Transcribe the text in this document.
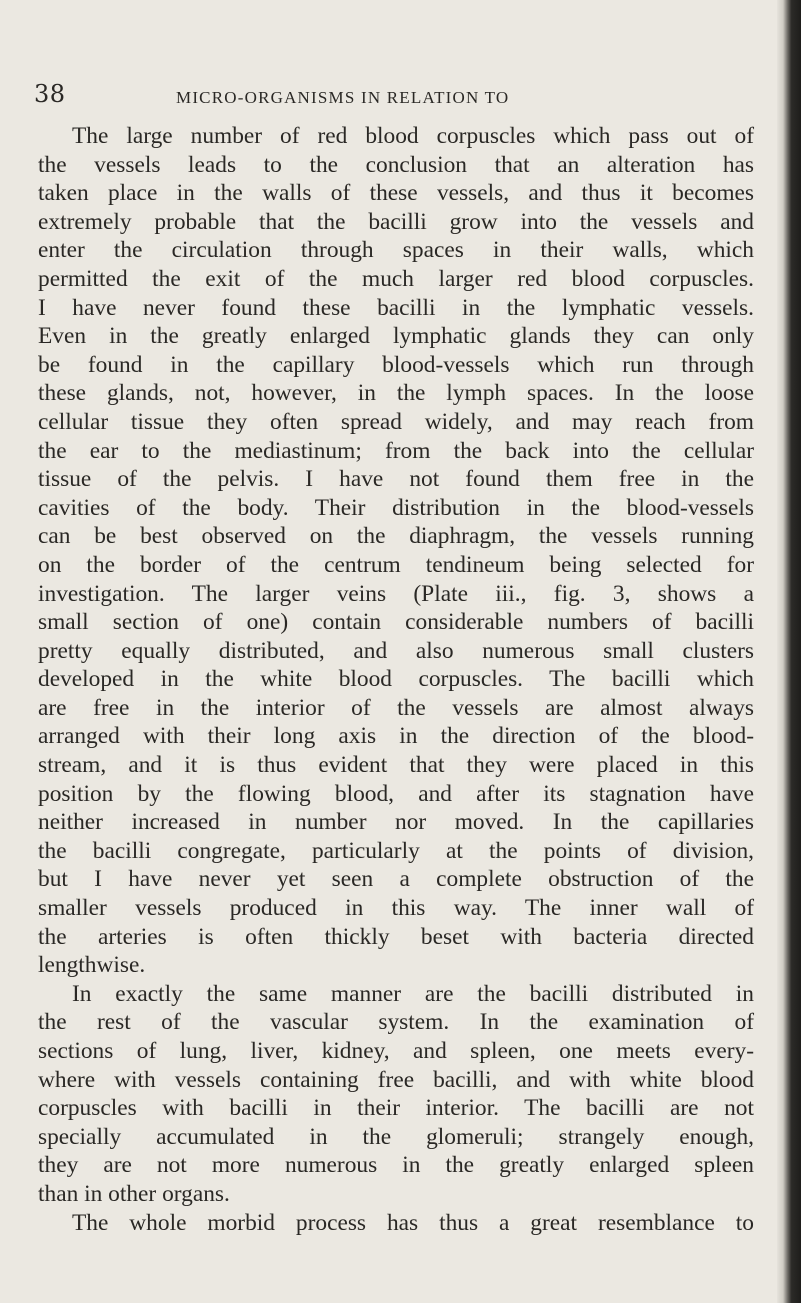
38	MICRO-ORGANISMS IN RELATION TO
The large number of red blood corpuscles which pass out of
the vessels leads to the conclusion that an alteration has
taken place in the walls of these vessels, and thus it becomes
extremely probable that the bacilli grow into the vessels and
enter the circulation through spaces in their walls, which
permitted the exit of the much larger red blood corpuscles.
I have never found these bacilli in the lymphatic vessels.
Even in the greatly enlarged lymphatic glands they can only
be found in the capillary blood-vessels which run through
these glands, not, however, in the lymph spaces. In the loose
cellular tissue they often spread widely, and may reach from
the ear to the mediastinum; from the back into the cellular
tissue of the pelvis. I have not found them free in the
cavities of the body. Their distribution in the blood-vessels
can be best observed on the diaphragm, the vessels running
on the border of the centrum tendineum being selected for
investigation. The larger veins (Plate iii., fig. 3, shows a
small section of one) contain considerable numbers of bacilli
pretty equally distributed, and also numerous small clusters
developed in the white blood corpuscles. The bacilli which
are free in the interior of the vessels are almost always
arranged with their long axis in the direction of the blood-
stream, and it is thus evident that they were placed in this
position by the flowing blood, and after its stagnation have
neither increased in number nor moved. In the capillaries
the bacilli congregate, particularly at the points of division,
but I have never yet seen a complete obstruction of the
smaller vessels produced in this way. The inner wall of
the arteries is often thickly beset with bacteria directed
lengthwise.
In exactly the same manner are the bacilli distributed in
the rest of the vascular system. In the examination of
sections of lung, liver, kidney, and spleen, one meets every-
where with vessels containing free bacilli, and with white blood
corpuscles with bacilli in their interior. The bacilli are not
specially accumulated in the glomeruli; strangely enough,
they are not more numerous in the greatly enlarged spleen
than in other organs.
The whole morbid process has thus a great resemblance to
